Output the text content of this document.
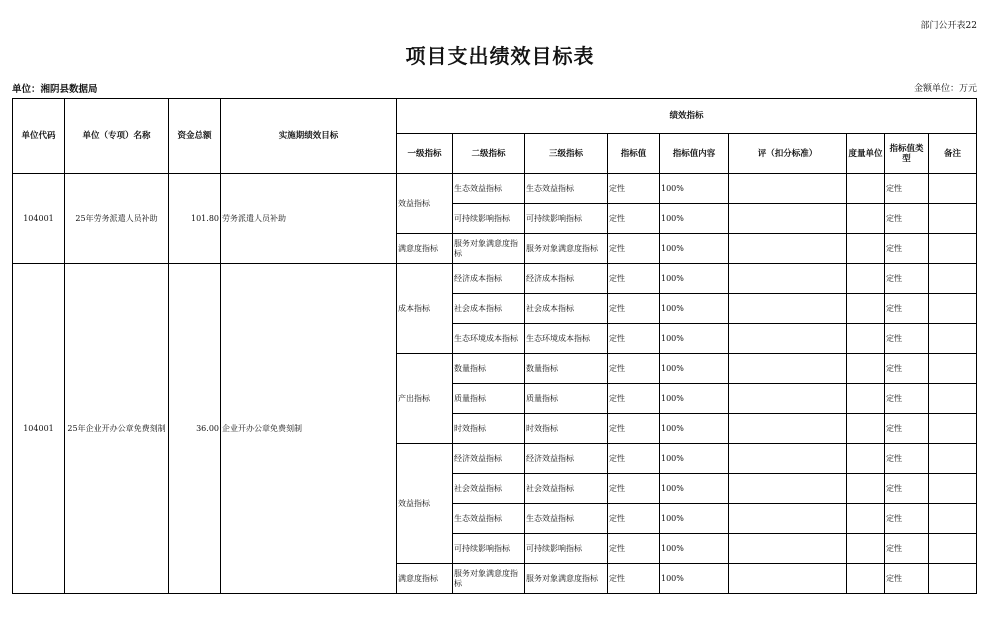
部门公开表22
项目支出绩效目标表
单位：湘阴县数据局	金额单位：万元
单位代码	单位（专项）名称	资金总额	实施期绩效目标	绩效指标								
				一级指标	二级指标	三级指标	指标值	指标值内容	评（扣分标准）	度量单位	指标值类型	备注
104001	25年劳务派遣人员补助	101.80	劳务派遣人员补助	效益指标	生态效益指标	生态效益指标	定性	100%			定性	
					可持续影响指标	可持续影响指标	定性	100%			定性	
				满意度指标	服务对象满意度指标	服务对象满意度指标	定性	100%			定性	
104001	25年企业开办公章免费刻制	36.00	企业开办公章免费刻制	成本指标	经济成本指标	经济成本指标	定性	100%			定性	
					社会成本指标	社会成本指标	定性	100%			定性	
					生态环境成本指标	生态环境成本指标	定性	100%			定性	
				产出指标	数量指标	数量指标	定性	100%			定性	
					质量指标	质量指标	定性	100%			定性	
					时效指标	时效指标	定性	100%			定性	
				效益指标	经济效益指标	经济效益指标	定性	100%			定性	
					社会效益指标	社会效益指标	定性	100%			定性	
					生态效益指标	生态效益指标	定性	100%			定性	
					可持续影响指标	可持续影响指标	定性	100%			定性	
				满意度指标	服务对象满意度指标	服务对象满意度指标	定性	100%			定性	
